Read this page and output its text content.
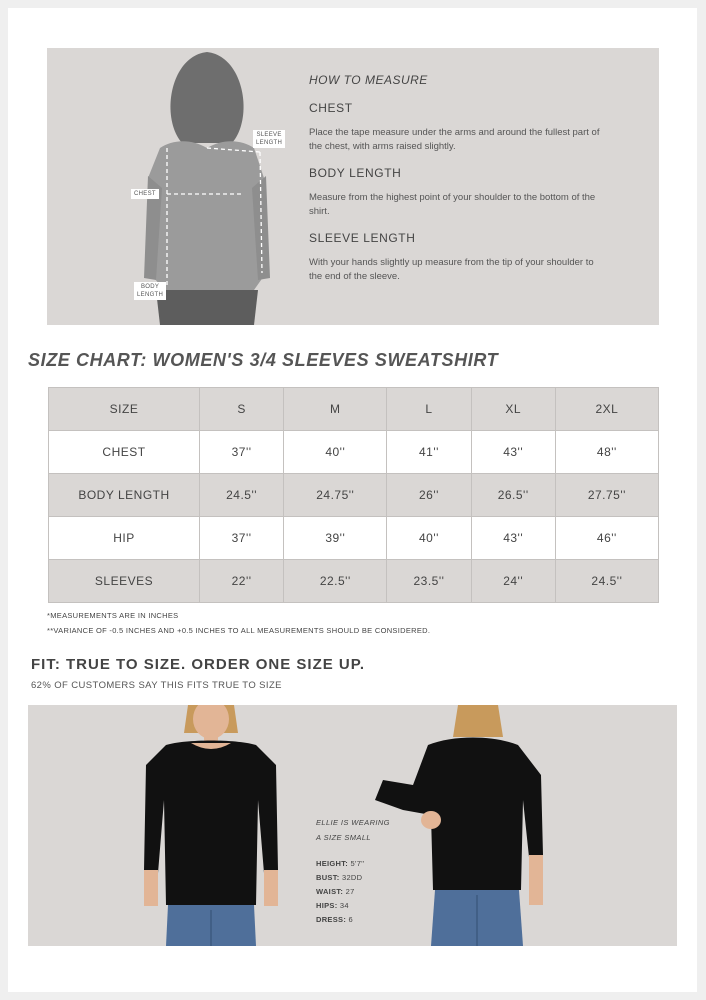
SLEEVE
LENGTH
CHEST
BODY
LENGTH
HOW TO MEASURE
CHEST
Place the tape measure under the arms and around the fullest part of the chest, with arms raised slightly.
BODY LENGTH
Measure from the highest point of your shoulder to the bottom of the shirt.
SLEEVE LENGTH
With your hands slightly up measure from the tip of your shoulder to the end of the sleeve.
SIZE CHART: WOMEN'S 3/4 SLEEVES SWEATSHIRT
SIZE	S	M	L	XL	2XL
CHEST	37''	40''	41''	43''	48''
BODY LENGTH	24.5''	24.75''	26''	26.5''	27.75''
HIP	37''	39''	40''	43''	46''
SLEEVES	22''	22.5''	23.5''	24''	24.5''
*MEASUREMENTS ARE IN INCHES
**VARIANCE OF -0.5 INCHES AND +0.5 INCHES TO ALL MEASUREMENTS SHOULD BE CONSIDERED.
FIT: TRUE TO SIZE. ORDER ONE SIZE UP.
62% OF CUSTOMERS SAY THIS FITS TRUE TO SIZE
ELLIE IS WEARING
A SIZE SMALL
HEIGHT: 5'7''
BUST: 32DD
WAIST: 27
HIPS: 34
DRESS: 6
